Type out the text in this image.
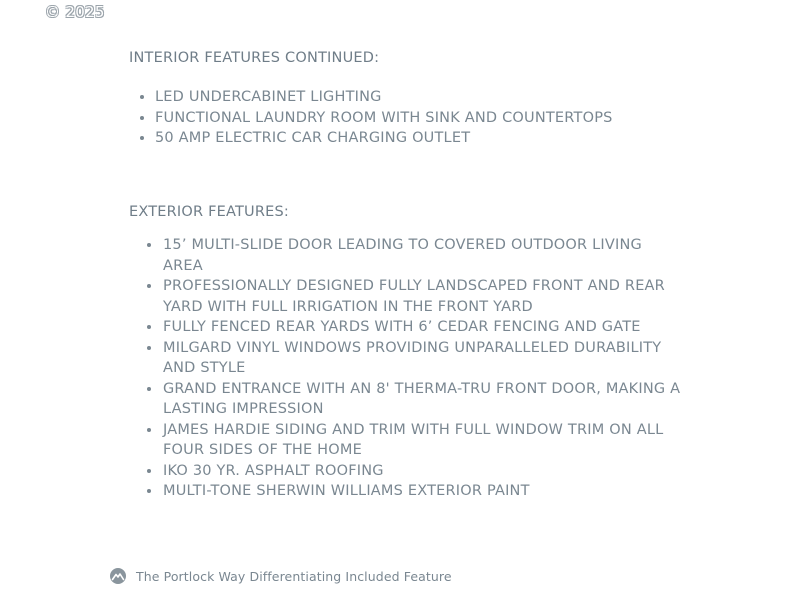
© 2025
INTERIOR FEATURES CONTINUED:
LED UNDERCABINET LIGHTING
FUNCTIONAL LAUNDRY ROOM WITH SINK AND COUNTERTOPS
50 AMP ELECTRIC CAR CHARGING OUTLET
EXTERIOR FEATURES:
15’ MULTI-SLIDE DOOR LEADING TO COVERED OUTDOOR LIVING AREA
PROFESSIONALLY DESIGNED FULLY LANDSCAPED FRONT AND REAR YARD WITH FULL IRRIGATION IN THE FRONT YARD
FULLY FENCED REAR YARDS WITH 6’ CEDAR FENCING AND GATE
MILGARD VINYL WINDOWS PROVIDING UNPARALLELED DURABILITY AND STYLE
GRAND ENTRANCE WITH AN 8' THERMA-TRU FRONT DOOR, MAKING A LASTING IMPRESSION
JAMES HARDIE SIDING AND TRIM WITH FULL WINDOW TRIM ON ALL FOUR SIDES OF THE HOME
IKO 30 YR. ASPHALT ROOFING
MULTI-TONE SHERWIN WILLIAMS EXTERIOR PAINT
The Portlock Way Differentiating Included Feature
